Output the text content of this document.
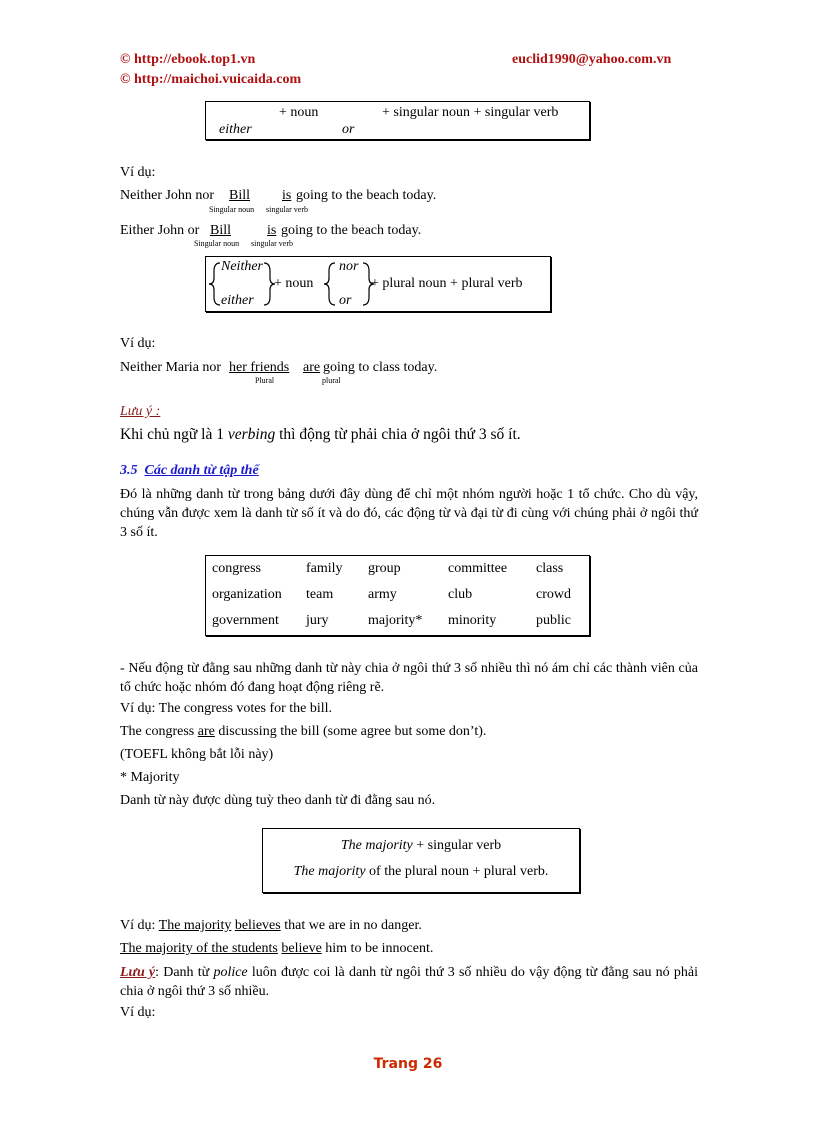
© http://ebook.top1.vn
© http://maichoi.vuicaida.com
euclid1990@yahoo.com.vn
+ noun	+ singular noun + singular verb
either	or
Ví dụ:
Neither John nor Bill is going to the beach today.
Singular noun singular verb
Either John or Bill	is going to the beach today.
Singular noun singular verb
Neither
either
+ noun
nor
or
+ plural noun + plural verb
Ví dụ:
Neither Maria nor her friends are going to class today.
Plural	plural
Lưu ý :
Khi chủ ngữ là 1 verbing thì động từ phải chia ở ngôi thứ 3 số ít.
3.5 Các danh từ tập thể
Đó là những danh từ trong bảng dưới đây dùng để chỉ một nhóm người hoặc 1 tổ chức. Cho dù vậy, chúng vẫn được xem là danh từ số ít và do đó, các động từ và đại từ đi cùng với chúng phải ở ngôi thứ 3 số ít.
congress	family	group	committee	class
organization	team	army	club	crowd
government	jury	majority*	minority	public
- Nếu động từ đằng sau những danh từ này chia ở ngôi thứ 3 số nhiều thì nó ám chỉ các thành viên của tổ chức hoặc nhóm đó đang hoạt động riêng rẽ.
Ví dụ: The congress votes for the bill.
The congress are discussing the bill (some agree but some don’t).
(TOEFL không bắt lỗi này)
* Majority
Danh từ này được dùng tuỳ theo danh từ đi đằng sau nó.
The majority + singular verb
The majority of the plural noun + plural verb.
Ví dụ: The majority believes that we are in no danger.
The majority of the students believe him to be innocent.
Lưu ý: Danh từ police luôn được coi là danh từ ngôi thứ 3 số nhiều do vậy động từ đằng sau nó phải chia ở ngôi thứ 3 số nhiều.
Ví dụ:
Trang 26
